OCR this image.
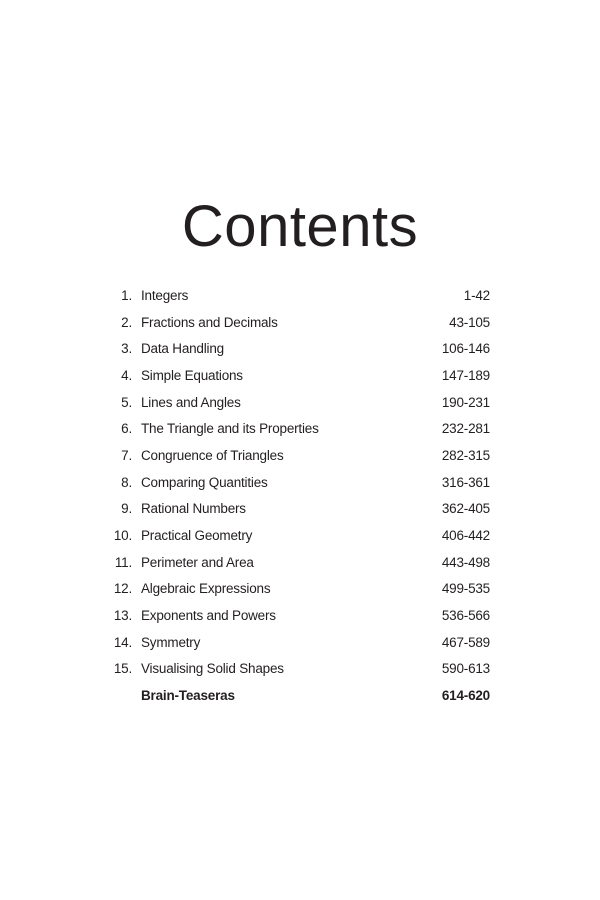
Contents
1. Integers	1-42
2. Fractions and Decimals	43-105
3. Data Handling	106-146
4. Simple Equations	147-189
5. Lines and Angles	190-231
6. The Triangle and its Properties	232-281
7. Congruence of Triangles	282-315
8. Comparing Quantities	316-361
9. Rational Numbers	362-405
10. Practical Geometry	406-442
11. Perimeter and Area	443-498
12. Algebraic Expressions	499-535
13. Exponents and Powers	536-566
14. Symmetry	467-589
15. Visualising Solid Shapes	590-613
Brain-Teaseras	614-620
